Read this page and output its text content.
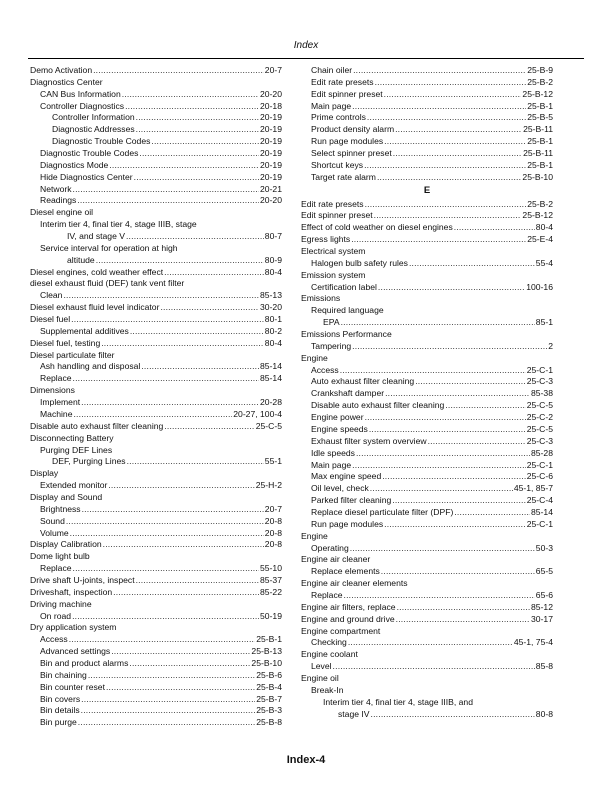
Index
Demo Activation . . .	20-7
Diagnostics Center
CAN Bus Information . . .	20-20
Controller Diagnostics . . .	20-18
Controller Information . . .	20-19
Diagnostic Addresses . . .	20-19
Diagnostic Trouble Codes . . .	20-19
Diagnostic Trouble Codes . . .	20-19
Diagnostics Mode . . .	20-19
Hide Diagnostics Center . . .	20-19
Network . . .	20-21
Readings . . .	20-20
Diesel engine oil
Interim tier 4, final tier 4, stage IIIB, stage
IV, and stage V . . .	80-7
Service interval for operation at high
altitude . . .	80-9
Diesel engines, cold weather effect . . .	80-4
diesel exhaust fluid (DEF) tank vent filter
Clean . . .	85-13
Diesel exhaust fluid level indicator . . .	30-20
Diesel fuel . . .	80-1
Supplemental additives . . .	80-2
Diesel fuel, testing . . .	80-4
Diesel particulate filter
Ash handling and disposal . . .	85-14
Replace . . .	85-14
Dimensions
Implement . . .	20-28
Machine . . .	20-27, 100-4
Disable auto exhaust filter cleaning . . .	25-C-5
Disconnecting Battery
Purging DEF Lines
DEF, Purging Lines . . .	55-1
Display
Extended monitor . . .	25-H-2
Display and Sound
Brightness . . .	20-7
Sound . . .	20-8
Volume . . .	20-8
Display Calibration . . .	20-8
Dome light bulb
Replace . . .	55-10
Drive shaft U-joints, inspect . . .	85-37
Driveshaft, inspection . . .	85-22
Driving machine
On road . . .	50-19
Dry application system
Access . . .	25-B-1
Advanced settings . . .	25-B-13
Bin and product alarms . . .	25-B-10
Bin chaining . . .	25-B-6
Bin counter reset . . .	25-B-4
Bin covers . . .	25-B-7
Bin details . . .	25-B-3
Bin purge . . .	25-B-8
Chain oiler . . .	25-B-9
Edit rate presets . . .	25-B-2
Edit spinner preset . . .	25-B-12
Main page . . .	25-B-1
Prime controls . . .	25-B-5
Product density alarm . . .	25-B-11
Run page modules . . .	25-B-1
Select spinner preset . . .	25-B-11
Shortcut keys . . .	25-B-1
Target rate alarm . . .	25-B-10
E
Edit rate presets . . .	25-B-2
Edit spinner preset . . .	25-B-12
Effect of cold weather on diesel engines . . .	80-4
Egress lights . . .	25-E-4
Electrical system
Halogen bulb safety rules . . .	55-4
Emission system
Certification label . . .	100-16
Emissions
Required language
EPA . . .	85-1
Emissions Performance
Tampering . . .	2
Engine
Access . . .	25-C-1
Auto exhaust filter cleaning . . .	25-C-3
Crankshaft damper . . .	85-38
Disable auto exhaust filter cleaning . . .	25-C-5
Engine power . . .	25-C-2
Engine speeds . . .	25-C-5
Exhaust filter system overview . . .	25-C-3
Idle speeds . . .	85-28
Main page . . .	25-C-1
Max engine speed . . .	25-C-6
Oil level, check . . .	45-1, 85-7
Parked filter cleaning . . .	25-C-4
Replace diesel particulate filter (DPF) . . .	85-14
Run page modules . . .	25-C-1
Engine
Operating . . .	50-3
Engine air cleaner
Replace elements . . .	65-5
Engine air cleaner elements
Replace . . .	65-6
Engine air filters, replace . . .	85-12
Engine and ground drive . . .	30-17
Engine compartment
Checking . . .	45-1, 75-4
Engine coolant
Level . . .	85-8
Engine oil
Break-In
Interim tier 4, final tier 4, stage IIIB, and
stage IV . . .	80-8
Index-4
